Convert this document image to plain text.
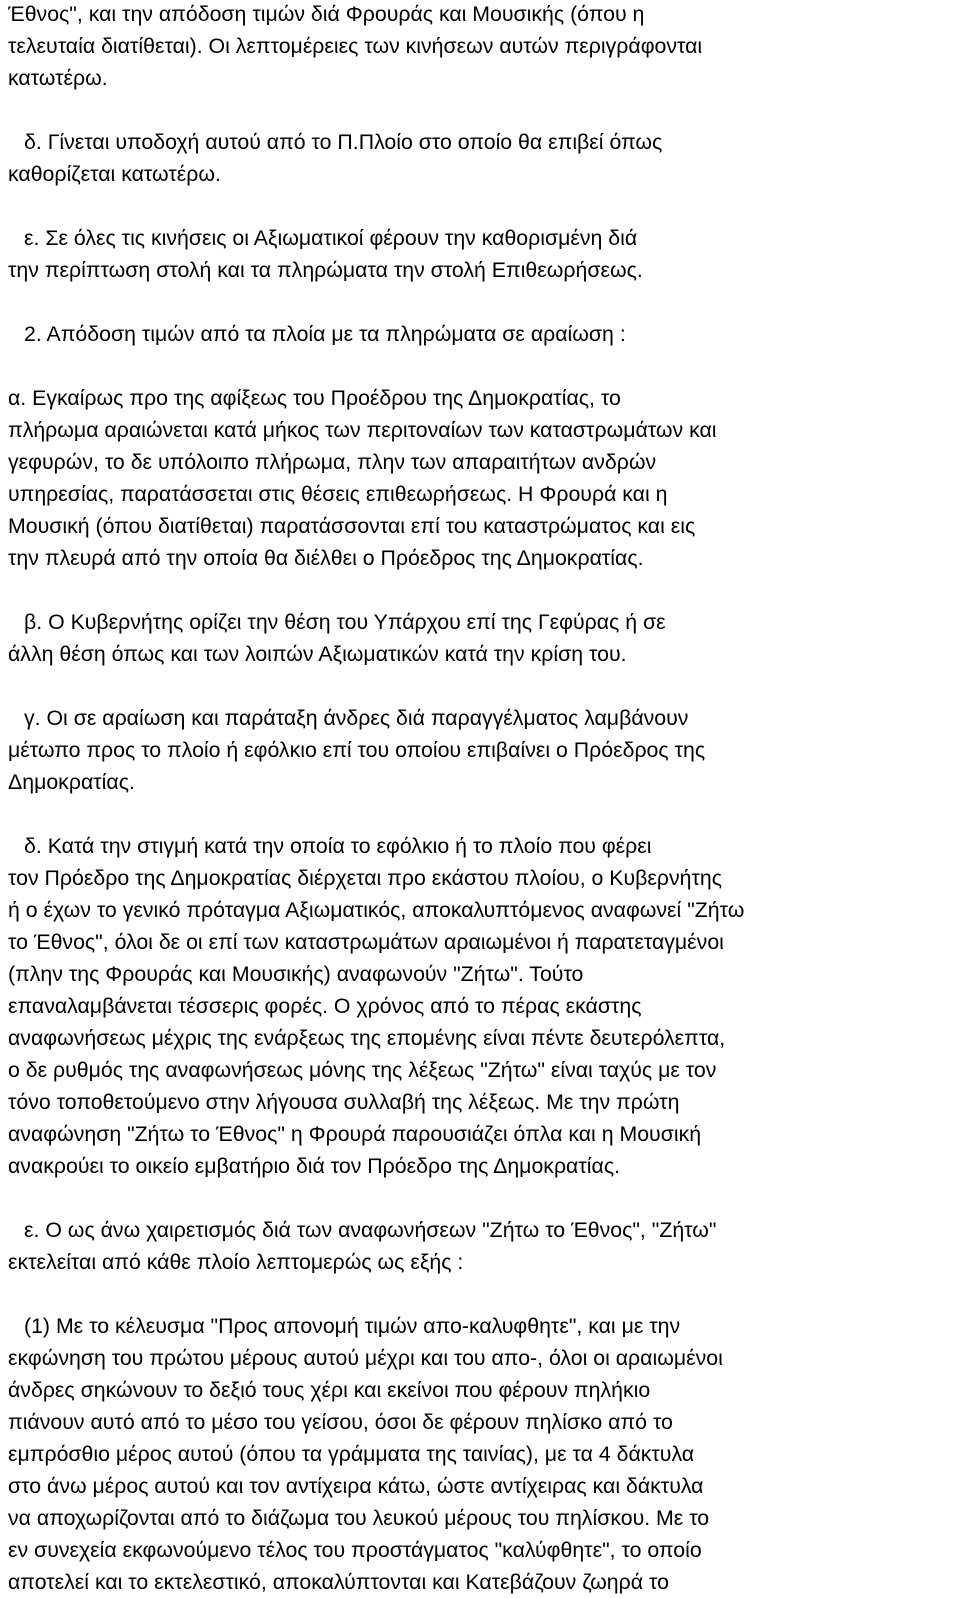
Έθνος", και την απόδοση τιμών διά Φρουράς και Μουσικής (όπου η

τελευταία διατίθεται). Οι λεπτομέρειες των κινήσεων αυτών περιγράφονται

κατωτέρω.

δ. Γίνεται υποδοχή αυτού από το Π.Πλοίο στο οποίο θα επιβεί όπως

καθορίζεται κατωτέρω.

ε. Σε όλες τις κινήσεις οι Αξιωματικοί φέρουν την καθορισμένη διά

την περίπτωση στολή και τα πληρώματα την στολή Επιθεωρήσεως.

2. Απόδοση τιμών από τα πλοία με τα πληρώματα σε αραίωση :

α. Εγκαίρως προ της αφίξεως του Προέδρου της Δημοκρατίας, το

πλήρωμα αραιώνεται κατά μήκος των περιτοναίων των καταστρωμάτων και

γεφυρών, το δε υπόλοιπο πλήρωμα, πλην των απαραιτήτων ανδρών

υπηρεσίας, παρατάσσεται στις θέσεις επιθεωρήσεως. Η Φρουρά και η

Μουσική (όπου διατίθεται) παρατάσσονται επί του καταστρώματος και εις

την πλευρά από την οποία θα διέλθει ο Πρόεδρος της Δημοκρατίας.

β. Ο Κυβερνήτης ορίζει την θέση του Υπάρχου επί της Γεφύρας ή σε

άλλη θέση όπως και των λοιπών Αξιωματικών κατά την κρίση του.

γ. Οι σε αραίωση και παράταξη άνδρες διά παραγγέλματος λαμβάνουν

μέτωπο προς το πλοίο ή εφόλκιο επί του οποίου επιβαίνει ο Πρόεδρος της

Δημοκρατίας.

δ. Κατά την στιγμή κατά την οποία το εφόλκιο ή το πλοίο που φέρει

τον Πρόεδρο της Δημοκρατίας διέρχεται προ εκάστου πλοίου, ο Κυβερνήτης

ή ο έχων το γενικό πρόταγμα Αξιωματικός, αποκαλυπτόμενος αναφωνεί "Ζήτω

το Έθνος", όλοι δε οι επί των καταστρωμάτων αραιωμένοι ή παρατεταγμένοι

(πλην της Φρουράς και Μουσικής) αναφωνούν "Ζήτω". Τούτο

επαναλαμβάνεται τέσσερις φορές. Ο χρόνος από το πέρας εκάστης

αναφωνήσεως μέχρις της ενάρξεως της επομένης είναι πέντε δευτερόλεπτα,

ο δε ρυθμός της αναφωνήσεως μόνης της λέξεως "Ζήτω" είναι ταχύς με τον

τόνο τοποθετούμενο στην λήγουσα συλλαβή της λέξεως. Με την πρώτη

αναφώνηση "Ζήτω το Έθνος" η Φρουρά παρουσιάζει όπλα και η Μουσική

ανακρούει το οικείο εμβατήριο διά τον Πρόεδρο της Δημοκρατίας.

ε. Ο ως άνω χαιρετισμός διά των αναφωνήσεων "Ζήτω το Έθνος", "Ζήτω"

εκτελείται από κάθε πλοίο λεπτομερώς ως εξής :

(1) Με το κέλευσμα "Προς απονομή τιμών απο-καλυφθητε", και με την

εκφώνηση του πρώτου μέρους αυτού μέχρι και του απο-, όλοι οι αραιωμένοι

άνδρες σηκώνουν το δεξιό τους χέρι και εκείνοι που φέρουν πηλήκιο

πιάνουν αυτό από το μέσο του γείσου, όσοι δε φέρουν πηλίσκο από το

εμπρόσθιο μέρος αυτού (όπου τα γράμματα της ταινίας), με τα 4 δάκτυλα

στο άνω μέρος αυτού και τον αντίχειρα κάτω, ώστε αντίχειρας και δάκτυλα

να αποχωρίζονται από το διάζωμα του λευκού μέρους του πηλίσκου. Με το

εν συνεχεία εκφωνούμενο τέλος του προστάγματος "καλύφθητε", το οποίο

αποτελεί και το εκτελεστικό, αποκαλύπτονται και Κατεβάζουν ζωηρά το
